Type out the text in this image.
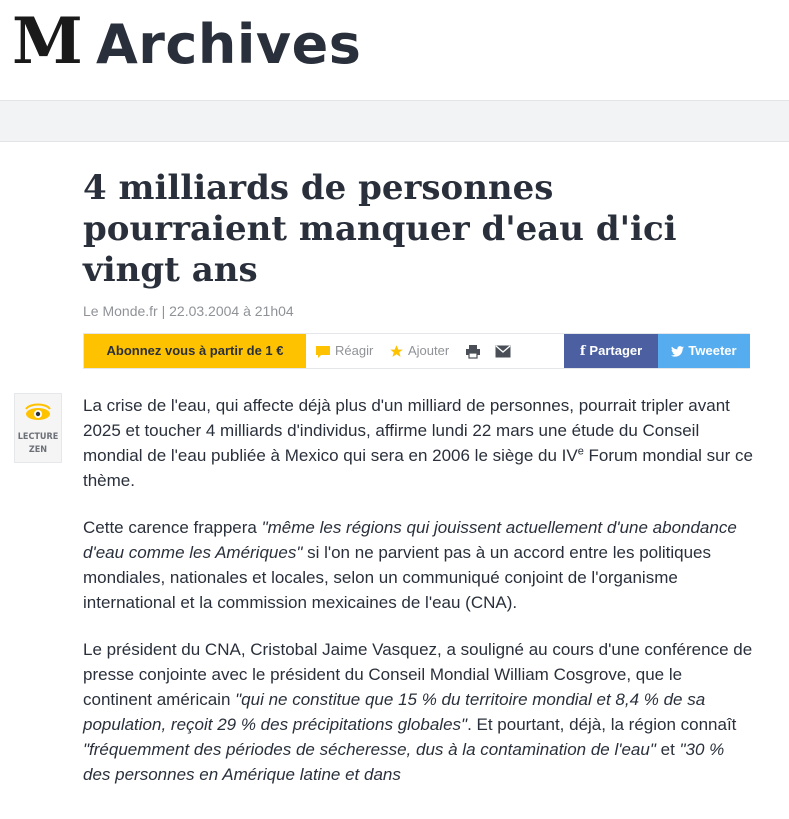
M Archives
4 milliards de personnes pourraient manquer d'eau d'ici vingt ans
Le Monde.fr | 22.03.2004 à 21h04
Abonnez vous à partir de 1 €	Réagir	Ajouter	f Partager	Tweeter
LECTURE
ZEN

La crise de l'eau, qui affecte déjà plus d'un milliard de personnes, pourrait tripler avant 2025 et toucher 4 milliards d'individus, affirme lundi 22 mars une étude du Conseil mondial de l'eau publiée à Mexico qui sera en 2006 le siège du IVe Forum mondial sur ce thème.

Cette carence frappera "même les régions qui jouissent actuellement d'une abondance d'eau comme les Amériques" si l'on ne parvient pas à un accord entre les politiques mondiales, nationales et locales, selon un communiqué conjoint de l'organisme international et la commission mexicaines de l'eau (CNA).

Le président du CNA, Cristobal Jaime Vasquez, a souligné au cours d'une conférence de presse conjointe avec le président du Conseil Mondial William Cosgrove, que le continent américain "qui ne constitue que 15 % du territoire mondial et 8,4 % de sa population, reçoit 29 % des précipitations globales". Et pourtant, déjà, la région connaît "fréquemment des périodes de sécheresse, dus à la contamination de l'eau" et "30 % des personnes en Amérique latine et dans
